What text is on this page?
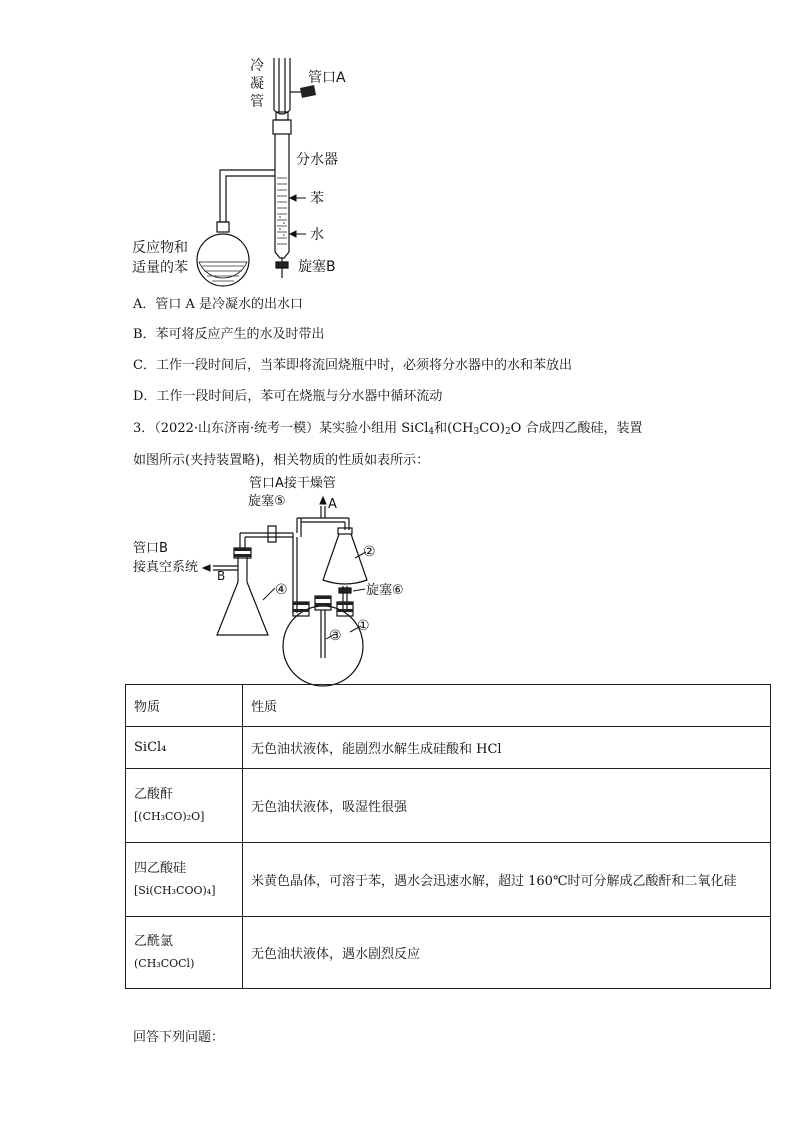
冷
凝
管
管口A
分水器
苯
水
反应物和
适量的苯	旋塞B
A．管口 A 是冷凝水的出水口
B．苯可将反应产生的水及时带出
C．工作一段时间后，当苯即将流回烧瓶中时，必须将分水器中的水和苯放出
D．工作一段时间后，苯可在烧瓶与分水器中循环流动
3．（2022·山东济南·统考一模）某实验小组用 SiCl$_4$和$(CH_3CO)_2O$ 合成四乙酸硅，装置
如图所示(夹持装置略)，相关物质的性质如表所示：
管口A接干燥管
A
旋塞⑤
管口B
接真空系统
B
④
②
旋塞⑥
①
③
物质	性质

SiCl₄	无色油状液体，能剧烈水解生成硅酸和 HCl

乙酸酐
[(CH₃CO)₂O]	无色油状液体，吸湿性很强

四乙酸硅
[Si(CH₃COO)₄]	米黄色晶体，可溶于苯，遇水会迅速水解，超过 160℃时可分解成乙酸酐和二氧化硅

乙酰氯
(CH₃COCl)	无色油状液体，遇水剧烈反应
回答下列问题：
